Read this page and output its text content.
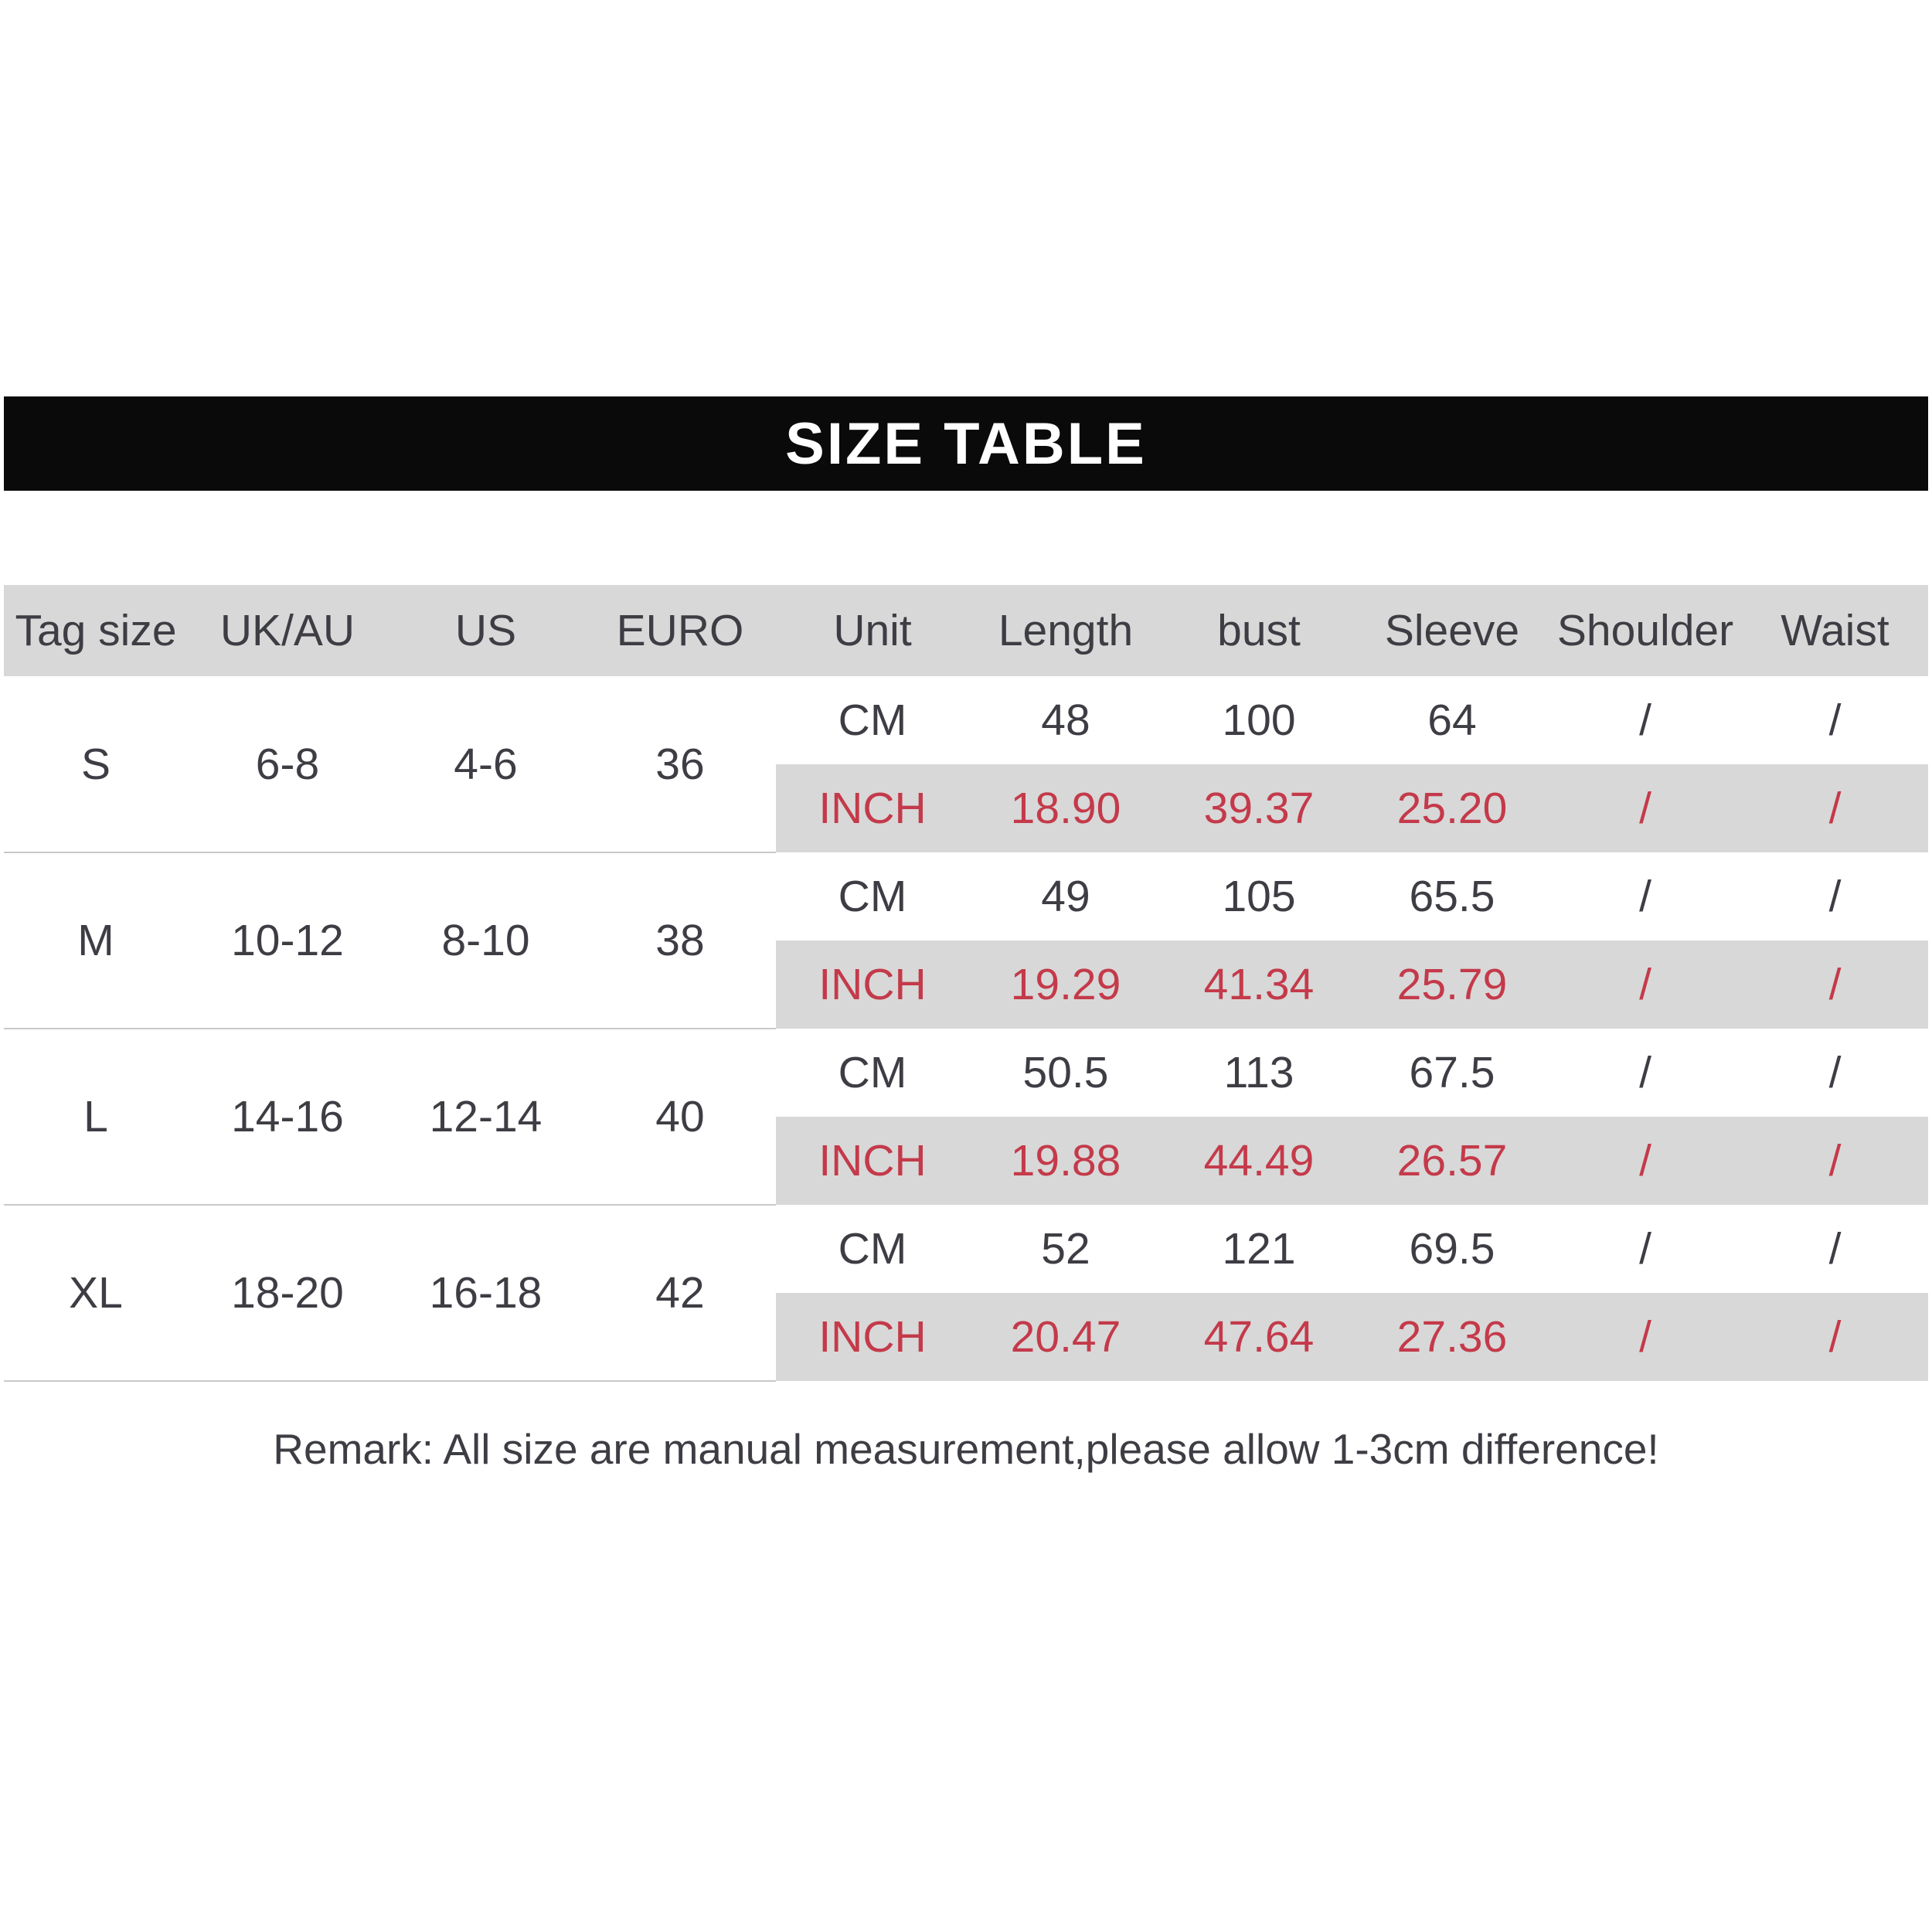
SIZE TABLE
Tag size	UK/AU	US	EURO	Unit	Length	bust	Sleeve	Shoulder	Waist
S	6-8	4-6	36	CM	48	100	64	/	/
				INCH	18.90	39.37	25.20	/	/
M	10-12	8-10	38	CM	49	105	65.5	/	/
				INCH	19.29	41.34	25.79	/	/
L	14-16	12-14	40	CM	50.5	113	67.5	/	/
				INCH	19.88	44.49	26.57	/	/
XL	18-20	16-18	42	CM	52	121	69.5	/	/
				INCH	20.47	47.64	27.36	/	/
Remark: All size are manual measurement,please allow 1-3cm difference!
